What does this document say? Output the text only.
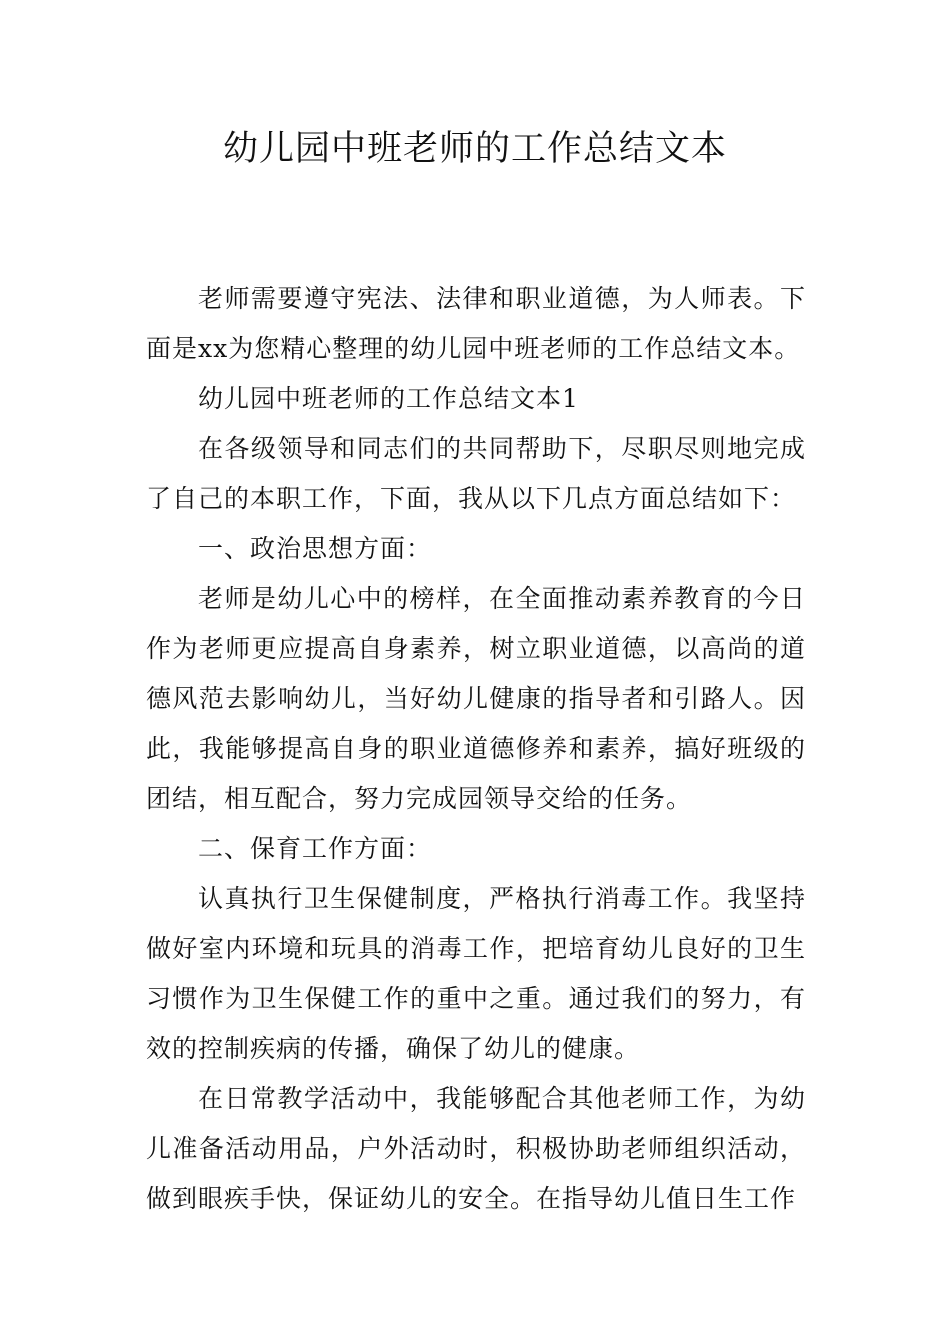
幼儿园中班老师的工作总结文本

老师需要遵守宪法、法律和职业道德，为人师表。下面是xx为您精心整理的幼儿园中班老师的工作总结文本。

幼儿园中班老师的工作总结文本1

在各级领导和同志们的共同帮助下，尽职尽则地完成了自己的本职工作，下面，我从以下几点方面总结如下：

一、政治思想方面：

老师是幼儿心中的榜样，在全面推动素养教育的今日作为老师更应提高自身素养，树立职业道德，以高尚的道德风范去影响幼儿，当好幼儿健康的指导者和引路人。因此，我能够提高自身的职业道德修养和素养，搞好班级的团结，相互配合，努力完成园领导交给的任务。

二、保育工作方面：

认真执行卫生保健制度，严格执行消毒工作。我坚持做好室内环境和玩具的消毒工作，把培育幼儿良好的卫生习惯作为卫生保健工作的重中之重。通过我们的努力，有效的控制疾病的传播，确保了幼儿的健康。

在日常教学活动中，我能够配合其他老师工作，为幼儿准备活动用品，户外活动时，积极协助老师组织活动，做到眼疾手快，保证幼儿的安全。在指导幼儿值日生工作
